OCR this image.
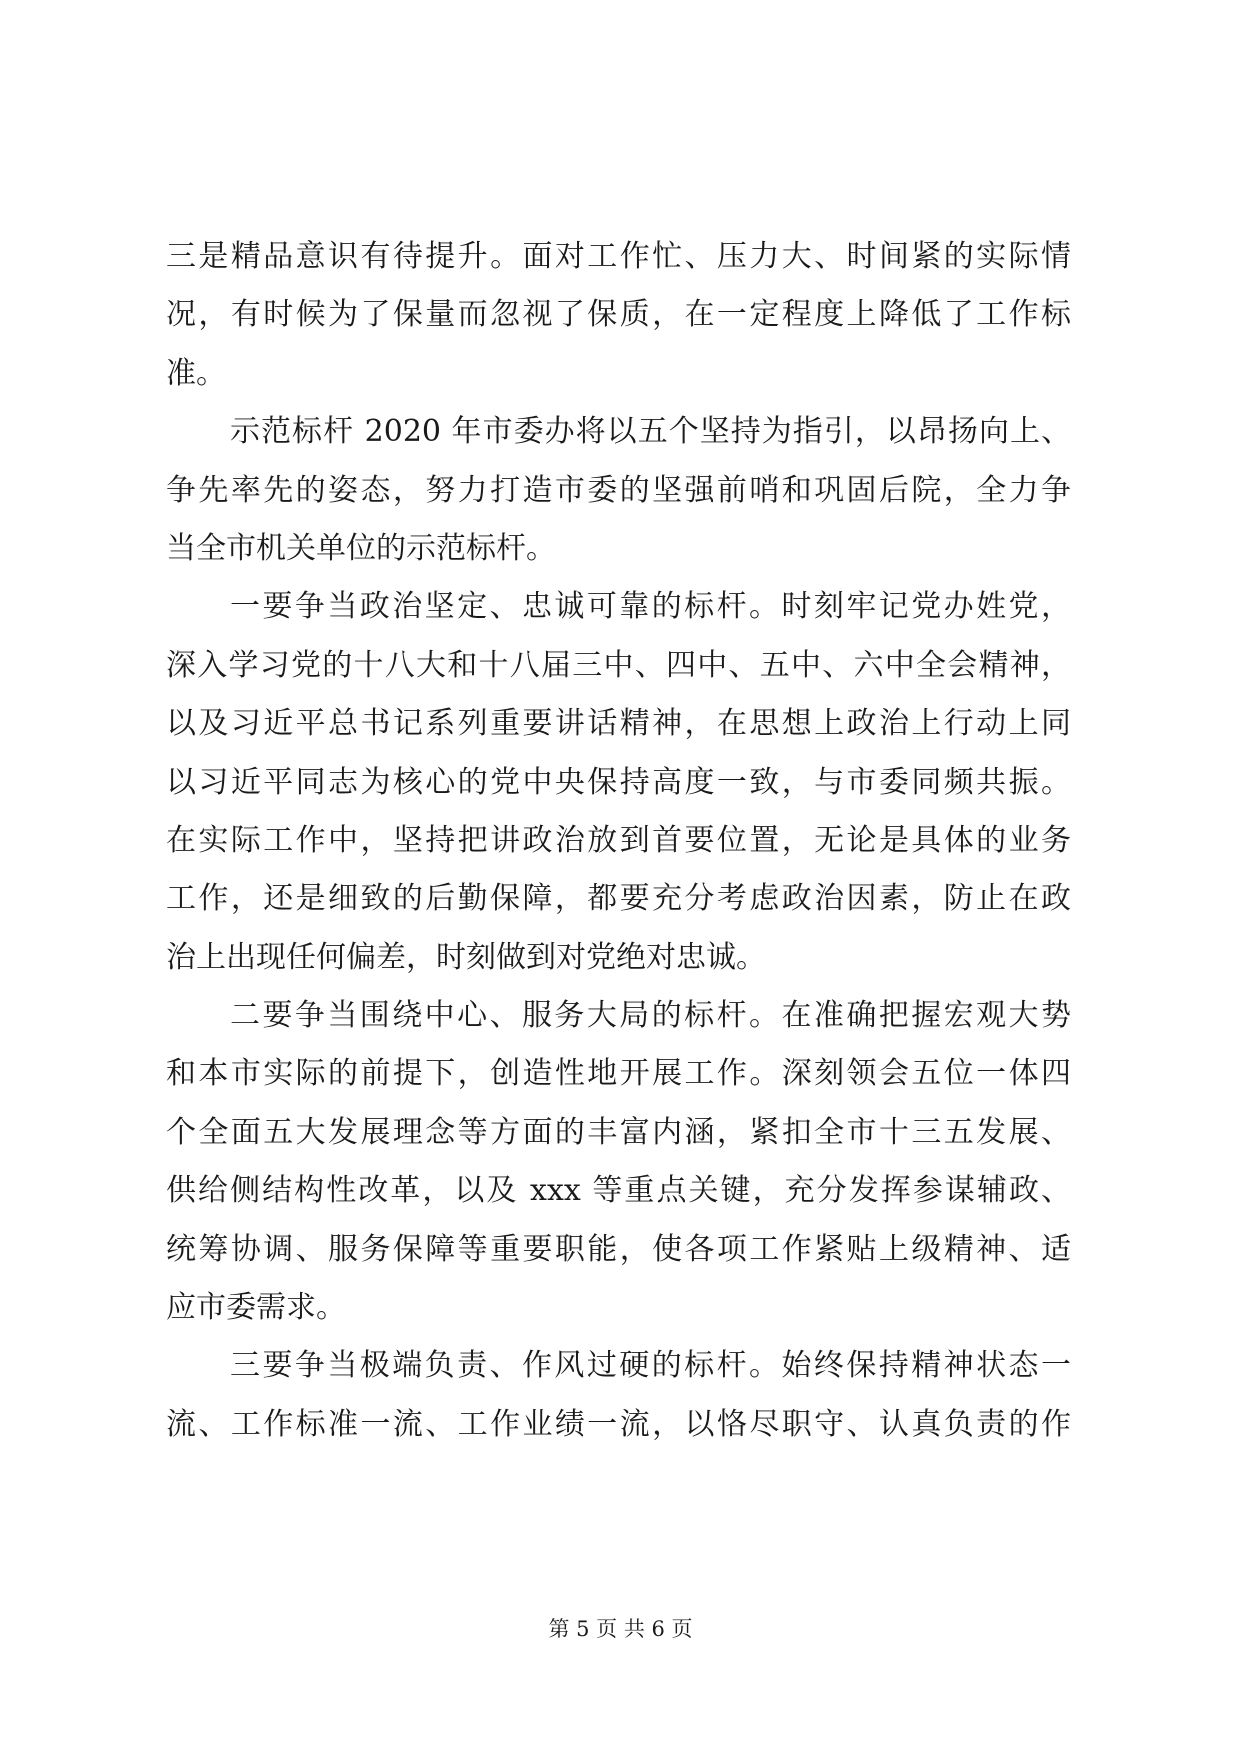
三是精品意识有待提升。面对工作忙、压力大、时间紧的实际情
况，有时候为了保量而忽视了保质，在一定程度上降低了工作标
准。
示范标杆 2020 年市委办将以五个坚持为指引，以昂扬向上、
争先率先的姿态，努力打造市委的坚强前哨和巩固后院，全力争
当全市机关单位的示范标杆。
一要争当政治坚定、忠诚可靠的标杆。时刻牢记党办姓党，
深入学习党的十八大和十八届三中、四中、五中、六中全会精神，
以及习近平总书记系列重要讲话精神，在思想上政治上行动上同
以习近平同志为核心的党中央保持高度一致，与市委同频共振。
在实际工作中，坚持把讲政治放到首要位置，无论是具体的业务
工作，还是细致的后勤保障，都要充分考虑政治因素，防止在政
治上出现任何偏差，时刻做到对党绝对忠诚。
二要争当围绕中心、服务大局的标杆。在准确把握宏观大势
和本市实际的前提下，创造性地开展工作。深刻领会五位一体四
个全面五大发展理念等方面的丰富内涵，紧扣全市十三五发展、
供给侧结构性改革，以及 xxx 等重点关键，充分发挥参谋辅政、
统筹协调、服务保障等重要职能，使各项工作紧贴上级精神、适
应市委需求。
三要争当极端负责、作风过硬的标杆。始终保持精神状态一
流、工作标准一流、工作业绩一流，以恪尽职守、认真负责的作
第 5 页 共 6 页
